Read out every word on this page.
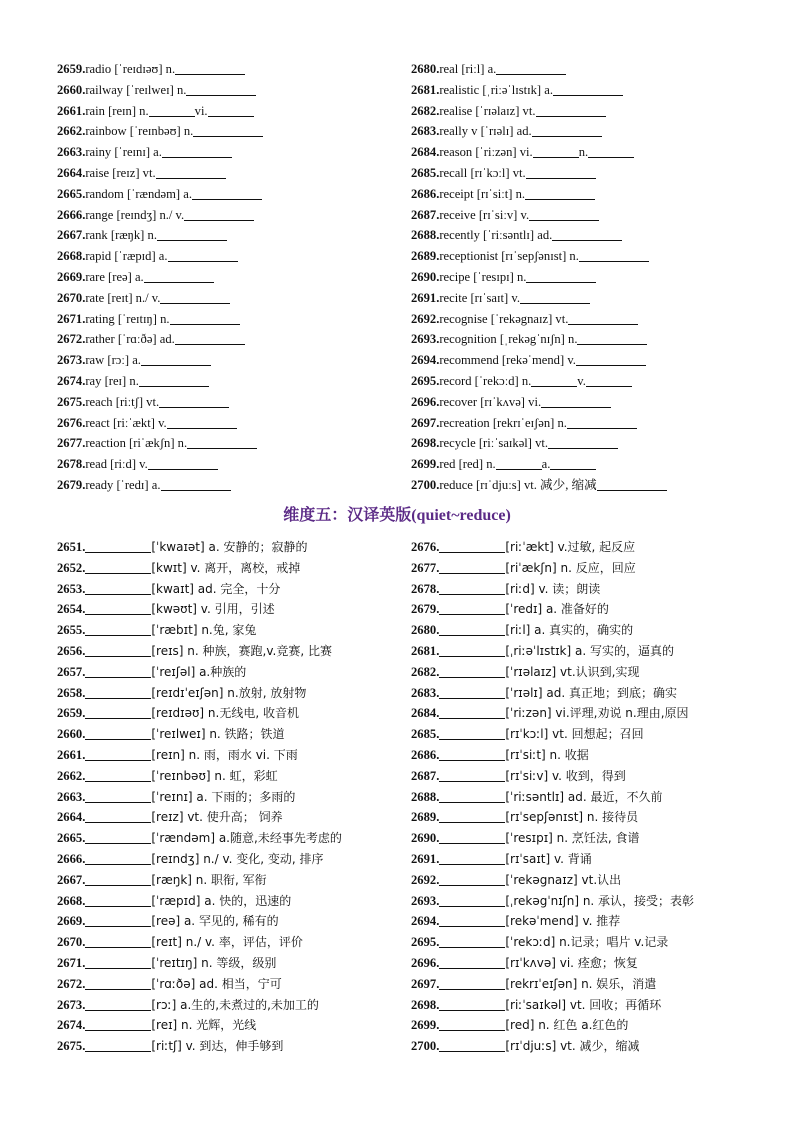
2659.radio [ˈreɪdɪəʊ] n.
2660.railway [ˈreɪlweɪ] n.
2661.rain [reɪn] n.	vi.
2662.rainbow [ˈreɪnbəʊ] n.
2663.rainy [ˈreɪnɪ] a.
2664.raise [reɪz] vt.
2665.random [ˈrændəm] a.
2666.range [reɪndʒ] n./ v.
2667.rank [ræŋk] n.
2668.rapid [ˈræpɪd] a.
2669.rare [reə] a.
2670.rate [reɪt] n./ v.
2671.rating [ˈreɪtɪŋ] n.
2672.rather [ˈrɑːðə] ad.
2673.raw [rɔː] a.
2674.ray [reɪ] n.
2675.reach [riːtʃ] vt.
2676.react [riːˈækt] v.
2677.reaction [riˈækʃn] n.
2678.read [riːd] v.
2679.ready [ˈredɪ] a.
2680.real [riːl] a.
2681.realistic [ˌriːəˈlɪstɪk] a.
2682.realise [ˈrɪəlaɪz] vt.
2683.really v [ˈrɪəlɪ] ad.
2684.reason [ˈriːzən] vi.	n.
2685.recall [rɪˈkɔːl] vt.
2686.receipt [rɪˈsiːt] n.
2687.receive [rɪˈsiːv] v.
2688.recently [ˈriːsəntlɪ] ad.
2689.receptionist [rɪˈsepʃənɪst] n.
2690.recipe [ˈresɪpɪ] n.
2691.recite [rɪˈsaɪt] v.
2692.recognise [ˈrekəgnaɪz] vt.
2693.recognition [ˌrekəgˈnɪʃn] n.
2694.recommend [rekəˈmend] v.
2695.record [ˈrekɔːd] n.	v.
2696.recover [rɪˈkʌvə] vi.
2697.recreation [rekrɪˈeɪʃən] n.
2698.recycle [riːˈsaɪkəl] vt.
2699.red [red] n.	a.
2700.reduce [rɪˈdjuːs] vt. 减少, 缩减
维度五：汉译英版(quiet~reduce)
2651.	[ˈkwaɪət] a. 安静的；寂静的
2652.	[kwɪt] v. 离开，离校，戒掉
2653.	[kwaɪt] ad. 完全，十分
2654.	[kwəʊt] v. 引用，引述
2655.	[ˈræbɪt] n.兔, 家兔
2656.	[reɪs] n. 种族，赛跑,v.竞赛, 比赛
2657.	[ˈreɪʃəl] a.种族的
2658.	[reɪdɪˈeɪʃən] n.放射, 放射物
2659.	[reɪdɪəʊ] n.无线电, 收音机
2660.	[ˈreɪlweɪ] n. 铁路；铁道
2661.	[reɪn] n. 雨，雨水 vi. 下雨
2662.	[ˈreɪnbəʊ] n. 虹，彩虹
2663.	[ˈreɪnɪ] a. 下雨的；多雨的
2664.	[reɪz] vt. 使升高； 饲养
2665.	[ˈrændəm] a.随意,未经事先考虑的
2666.	[reɪndʒ] n./ v. 变化, 变动, 排序
2667.	[ræŋk] n. 职衔, 军衔
2668.	[ˈræpɪd] a. 快的，迅速的
2669.	[reə] a. 罕见的, 稀有的
2670.	[reɪt] n./ v. 率，评估，评价
2671.	[ˈreɪtɪŋ] n. 等级，级别
2672.	[ˈrɑːðə] ad. 相当，宁可
2673.	[rɔː] a.生的,未煮过的,未加工的
2674.	[reɪ] n. 光辉，光线
2675.	[riːtʃ] v. 到达，伸手够到
2676.	[riːˈækt] v.过敏, 起反应
2677.	[riˈækʃn] n. 反应，回应
2678.	[riːd] v. 读；朗读
2679.	[ˈredɪ] a. 准备好的
2680.	[riːl] a. 真实的，确实的
2681.	[ˌriːəˈlɪstɪk] a. 写实的，逼真的
2682.	[ˈrɪəlaɪz] vt.认识到,实现
2683.	[ˈrɪəlɪ] ad. 真正地；到底；确实
2684.	[ˈriːzən] vi.评理,劝说 n.理由,原因
2685.	[rɪˈkɔːl] vt. 回想起；召回
2686.	[rɪˈsiːt] n. 收据
2687.	[rɪˈsiːv] v. 收到，得到
2688.	[ˈriːsəntlɪ] ad. 最近，不久前
2689.	[rɪˈsepʃənɪst] n. 接待员
2690.	[ˈresɪpɪ] n. 烹饪法, 食谱
2691.	[rɪˈsaɪt] v. 背诵
2692.	[ˈrekəgnaɪz] vt.认出
2693.	[ˌrekəgˈnɪʃn] n. 承认，接受；表彰
2694.	[rekəˈmend] v. 推荐
2695.	[ˈrekɔːd] n.记录；唱片 v.记录
2696.	[rɪˈkʌvə] vi. 痊愈；恢复
2697.	[rekrɪˈeɪʃən] n. 娱乐，消遣
2698.	[riːˈsaɪkəl] vt. 回收；再循环
2699.	[red] n. 红色 a.红色的
2700.	[rɪˈdjuːs] vt. 减少，缩减
